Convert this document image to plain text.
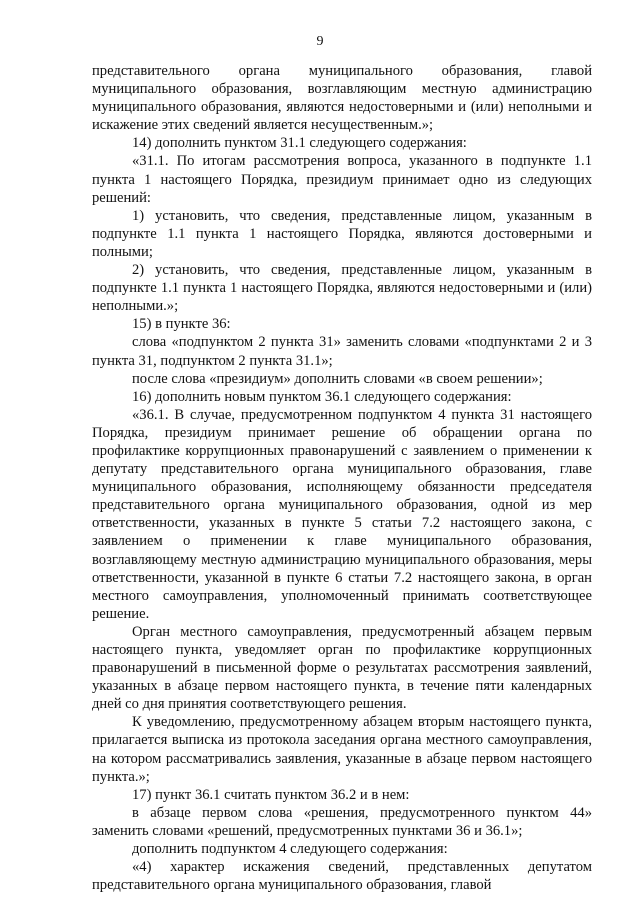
9

представительного органа муниципального образования, главой муниципального образования, возглавляющим местную администрацию муниципального образования, являются недостоверными и (или) неполными и искажение этих сведений является несущественным.»;

14) дополнить пунктом 31.1 следующего содержания:

«31.1. По итогам рассмотрения вопроса, указанного в подпункте 1.1 пункта 1 настоящего Порядка, президиум принимает одно из следующих решений:

1) установить, что сведения, представленные лицом, указанным в подпункте 1.1 пункта 1 настоящего Порядка, являются достоверными и полными;

2) установить, что сведения, представленные лицом, указанным в подпункте 1.1 пункта 1 настоящего Порядка, являются недостоверными и (или) неполными.»;

15) в пункте 36:

слова «подпунктом 2 пункта 31» заменить словами «подпунктами 2 и 3 пункта 31, подпунктом 2 пункта 31.1»;

после слова «президиум» дополнить словами «в своем решении»;

16) дополнить новым пунктом 36.1 следующего содержания:

«36.1. В случае, предусмотренном подпунктом 4 пункта 31 настоящего Порядка, президиум принимает решение об обращении органа по профилактике коррупционных правонарушений с заявлением о применении к депутату представительного органа муниципального образования, главе муниципального образования, исполняющему обязанности председателя представительного органа муниципального образования, одной из мер ответственности, указанных в пункте 5 статьи 7.2 настоящего закона, с заявлением о применении к главе муниципального образования, возглавляющему местную администрацию муниципального образования, меры ответственности, указанной в пункте 6 статьи 7.2 настоящего закона, в орган местного самоуправления, уполномоченный принимать соответствующее решение.

Орган местного самоуправления, предусмотренный абзацем первым настоящего пункта, уведомляет орган по профилактике коррупционных правонарушений в письменной форме о результатах рассмотрения заявлений, указанных в абзаце первом настоящего пункта, в течение пяти календарных дней со дня принятия соответствующего решения.

К уведомлению, предусмотренному абзацем вторым настоящего пункта, прилагается выписка из протокола заседания органа местного самоуправления, на котором рассматривались заявления, указанные в абзаце первом настоящего пункта.»;

17) пункт 36.1 считать пунктом 36.2 и в нем:

в абзаце первом слова «решения, предусмотренного пунктом 44» заменить словами «решений, предусмотренных пунктами 36 и 36.1»;

дополнить подпунктом 4 следующего содержания:

«4) характер искажения сведений, представленных депутатом представительного органа муниципального образования, главой
